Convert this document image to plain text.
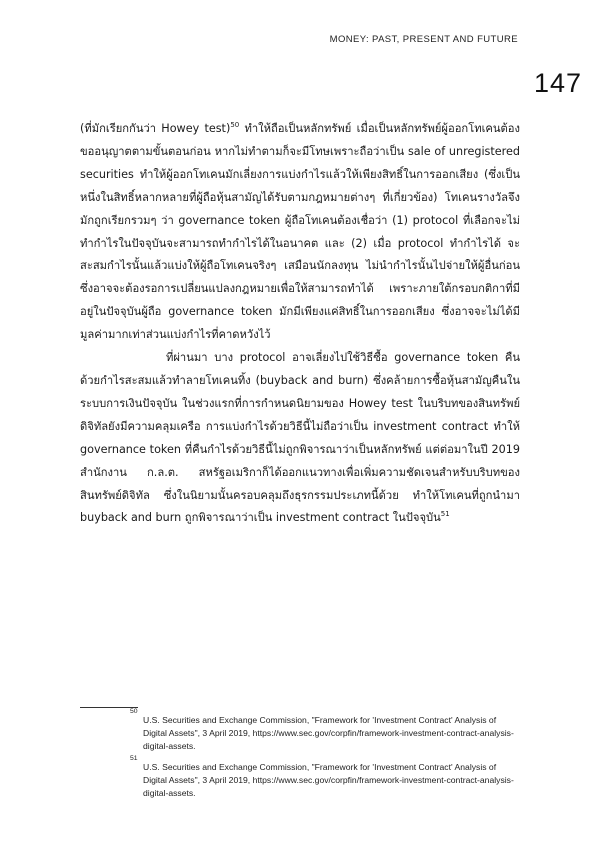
MONEY: PAST, PRESENT AND FUTURE
147

(ที่มักเรียกกันว่า Howey test)$^{50}$ ทำให้ถือเป็นหลักทรัพย์ เมื่อเป็นหลักทรัพย์ผู้ออกโทเคนต้องขออนุญาตตามขั้นตอนก่อน หากไม่ทำตามก็จะมีโทษเพราะถือว่าเป็น sale of unregistered securities ทำให้ผู้ออกโทเคนมักเลี่ยงการแบ่งกำไรแล้วให้เพียงสิทธิ์ในการออกเสียง (ซึ่งเป็นหนึ่งในสิทธิ์หลากหลายที่ผู้ถือหุ้นสามัญได้รับตามกฎหมายต่างๆ ที่เกี่ยวข้อง) โทเคนรางวัลจึงมักถูกเรียกรวมๆ ว่า governance token ผู้ถือโทเคนต้องเชื่อว่า (1) protocol ที่เลือกจะไม่ทำกำไรในปัจจุบันจะสามารถทำกำไรได้ในอนาคต และ (2) เมื่อ protocol ทำกำไรได้ จะสะสมกำไรนั้นแล้วแบ่งให้ผู้ถือโทเคนจริงๆ เสมือนนักลงทุน ไม่นำกำไรนั้นไปจ่ายให้ผู้อื่นก่อน ซึ่งอาจจะต้องรอการเปลี่ยนแปลงกฎหมายเพื่อให้สามารถทำได้ เพราะภายใต้กรอบกติกาที่มีอยู่ในปัจจุบันผู้ถือ governance token มักมีเพียงแค่สิทธิ์ในการออกเสียง ซึ่งอาจจะไม่ได้มีมูลค่ามากเท่าส่วนแบ่งกำไรที่คาดหวังไว้

ที่ผ่านมา บาง protocol อาจเลี่ยงไปใช้วิธีซื้อ governance token คืนด้วยกำไรสะสมแล้วทำลายโทเคนทิ้ง (buyback and burn) ซึ่งคล้ายการซื้อหุ้นสามัญคืนในระบบการเงินปัจจุบัน ในช่วงแรกที่การกำหนดนิยามของ Howey test ในบริบทของสินทรัพย์ดิจิทัลยังมีความคลุมเครือ การแบ่งกำไรด้วยวิธีนี้ไม่ถือว่าเป็น investment contract ทำให้ governance token ที่คืนกำไรด้วยวิธีนี้ไม่ถูกพิจารณาว่าเป็นหลักทรัพย์ แต่ต่อมาในปี 2019 สำนักงาน ก.ล.ต. สหรัฐอเมริกาก็ได้ออกแนวทางเพื่อเพิ่มความชัดเจนสำหรับบริบทของสินทรัพย์ดิจิทัล ซึ่งในนิยามนั้นครอบคลุมถึงธุรกรรมประเภทนี้ด้วย ทำให้โทเคนที่ถูกนำมา buyback and burn ถูกพิจารณาว่าเป็น investment contract ในปัจจุบัน$^{51}$

50
U.S. Securities and Exchange Commission, "Framework for 'Investment Contract' Analysis of Digital Assets", 3 April 2019, https://www.sec.gov/corpfin/framework-investment-contract-analysis-digital-assets.
51
U.S. Securities and Exchange Commission, "Framework for 'Investment Contract' Analysis of Digital Assets", 3 April 2019, https://www.sec.gov/corpfin/framework-investment-contract-analysis-digital-assets.
